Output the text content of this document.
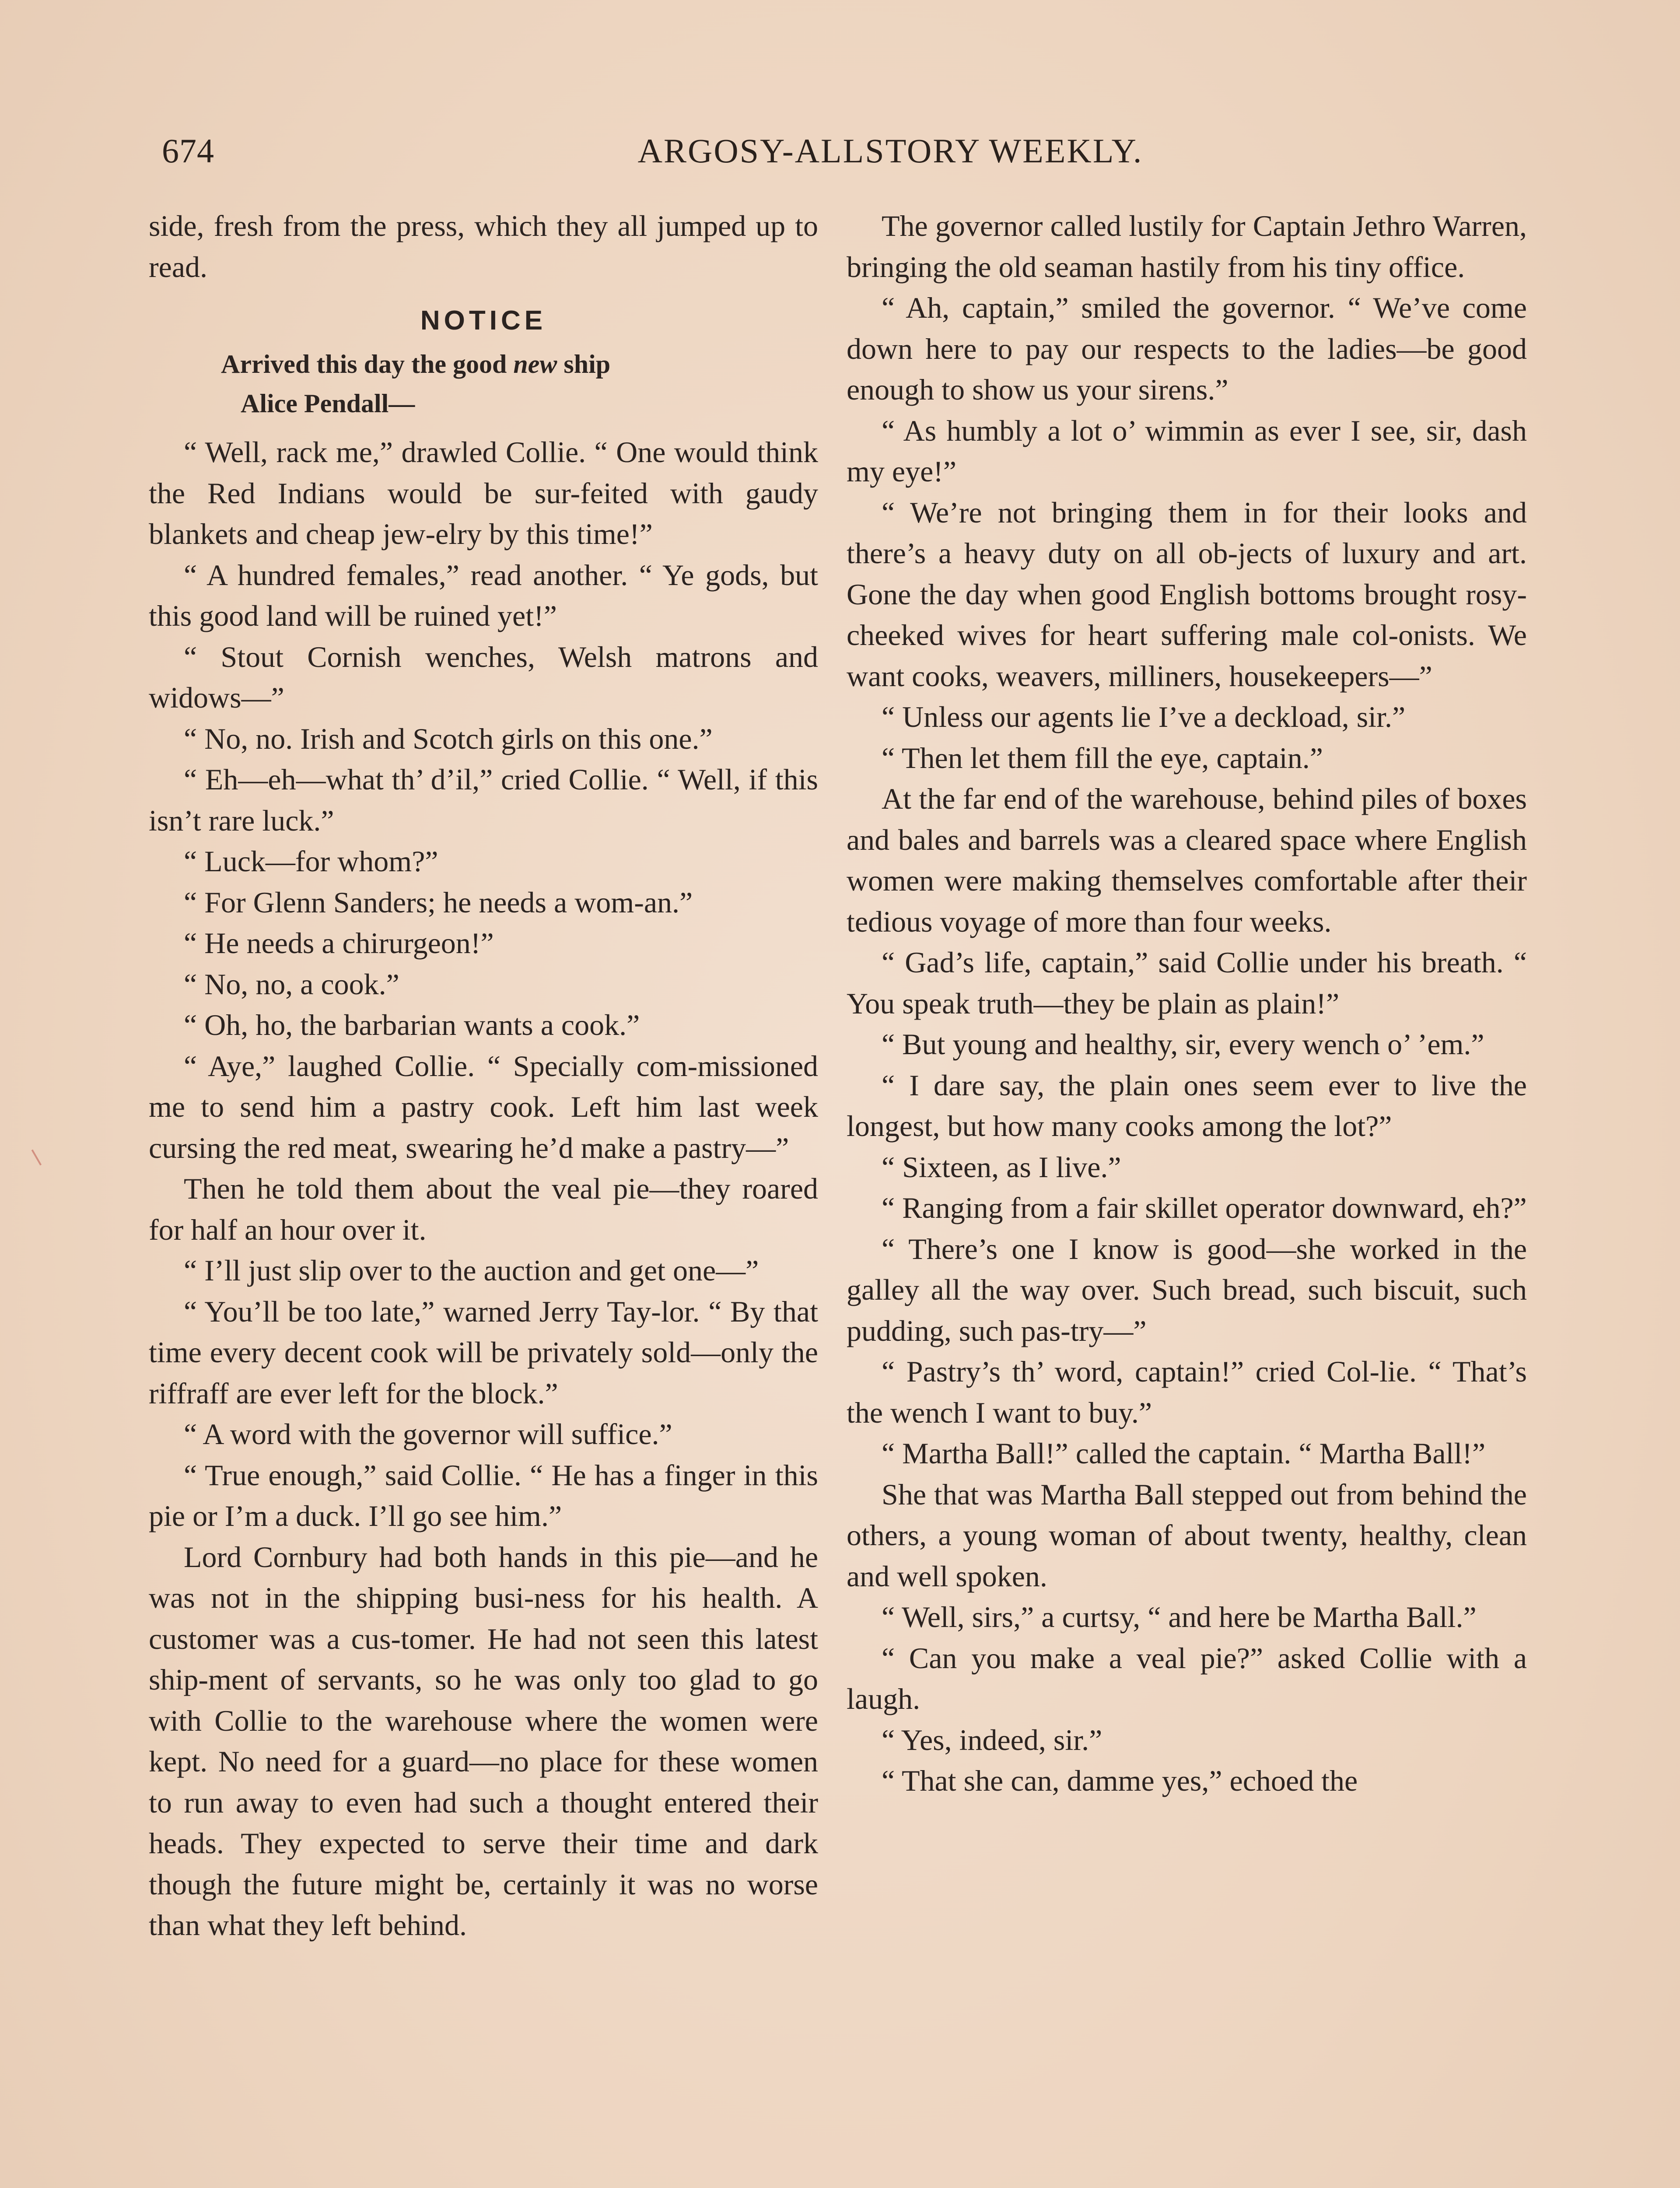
674	ARGOSY-ALLSTORY WEEKLY.

side, fresh from the press, which they all jumped up to read.

NOTICE
Arrived this day the good new ship
Alice Pendall—

“ Well, rack me,” drawled Collie. “ One would think the Red Indians would be sur-feited with gaudy blankets and cheap jew-elry by this time!”

“ A hundred females,” read another. “ Ye gods, but this good land will be ruined yet!”

“ Stout Cornish wenches, Welsh matrons and widows—”

“ No, no. Irish and Scotch girls on this one.”

“ Eh—eh—what th’ d’il,” cried Collie. “ Well, if this isn’t rare luck.”

“ Luck—for whom?”

“ For Glenn Sanders; he needs a wom-an.”

“ He needs a chirurgeon!”

“ No, no, a cook.”

“ Oh, ho, the barbarian wants a cook.”

“ Aye,” laughed Collie. “ Specially com-missioned me to send him a pastry cook. Left him last week cursing the red meat, swearing he’d make a pastry—”

Then he told them about the veal pie—they roared for half an hour over it.

“ I’ll just slip over to the auction and get one—”

“ You’ll be too late,” warned Jerry Tay-lor. “ By that time every decent cook will be privately sold—only the riffraff are ever left for the block.”

“ A word with the governor will suffice.”

“ True enough,” said Collie. “ He has a finger in this pie or I’m a duck. I’ll go see him.”

Lord Cornbury had both hands in this pie—and he was not in the shipping busi-ness for his health. A customer was a cus-tomer. He had not seen this latest ship-ment of servants, so he was only too glad to go with Collie to the warehouse where the women were kept. No need for a guard—no place for these women to run away to even had such a thought entered their heads. They expected to serve their time and dark though the future might be, certainly it was no worse than what they left behind.

The governor called lustily for Captain Jethro Warren, bringing the old seaman hastily from his tiny office.

“ Ah, captain,” smiled the governor. “ We’ve come down here to pay our respects to the ladies—be good enough to show us your sirens.”

“ As humbly a lot o’ wimmin as ever I see, sir, dash my eye!”

“ We’re not bringing them in for their looks and there’s a heavy duty on all ob-jects of luxury and art. Gone the day when good English bottoms brought rosy-cheeked wives for heart suffering male col-onists. We want cooks, weavers, milliners, housekeepers—”

“ Unless our agents lie I’ve a deckload, sir.”

“ Then let them fill the eye, captain.”

At the far end of the warehouse, behind piles of boxes and bales and barrels was a cleared space where English women were making themselves comfortable after their tedious voyage of more than four weeks.

“ Gad’s life, captain,” said Collie under his breath. “ You speak truth—they be plain as plain!”

“ But young and healthy, sir, every wench o’ ’em.”

“ I dare say, the plain ones seem ever to live the longest, but how many cooks among the lot?”

“ Sixteen, as I live.”

“ Ranging from a fair skillet operator downward, eh?”

“ There’s one I know is good—she worked in the galley all the way over. Such bread, such biscuit, such pudding, such pas-try—”

“ Pastry’s th’ word, captain!” cried Col-lie. “ That’s the wench I want to buy.”

“ Martha Ball!” called the captain. “ Martha Ball!”

She that was Martha Ball stepped out from behind the others, a young woman of about twenty, healthy, clean and well spoken.

“ Well, sirs,” a curtsy, “ and here be Martha Ball.”

“ Can you make a veal pie?” asked Collie with a laugh.

“ Yes, indeed, sir.”

“ That she can, damme yes,” echoed the
